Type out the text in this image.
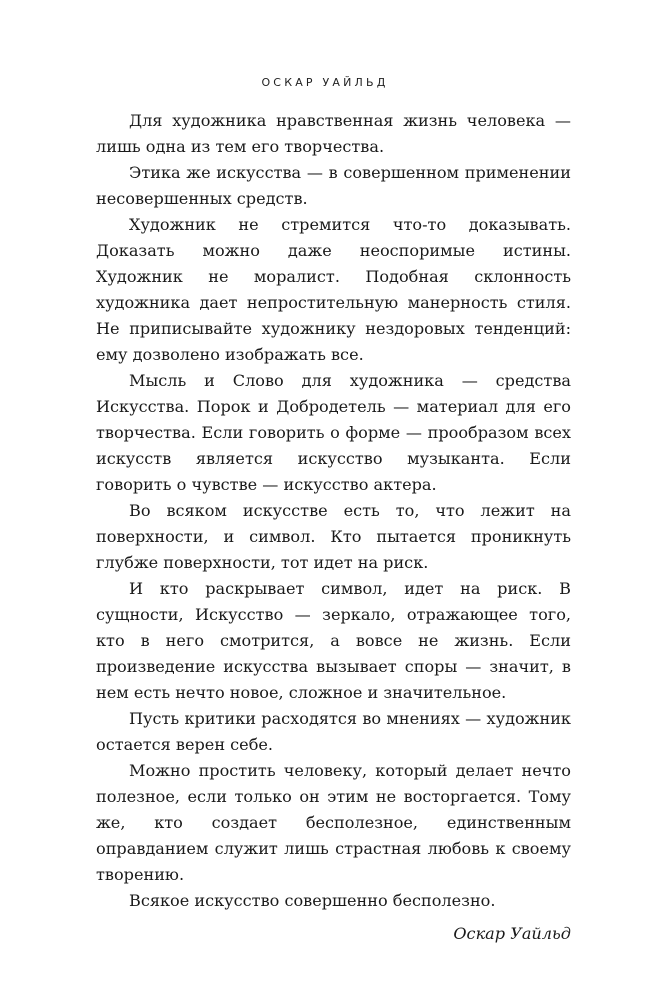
ОСКАР УАЙЛЬД

Для художника нравственная жизнь человека — лишь одна из тем его творчества.

Этика же искусства — в совершенном применении несовершенных средств.

Художник не стремится что-то доказывать. Доказать можно даже неоспоримые истины. Художник не моралист. Подобная склонность художника дает непростительную манерность стиля. Не приписывайте художнику нездоровых тенденций: ему дозволено изображать все.

Мысль и Слово для художника — средства Искусства. Порок и Добродетель — материал для его творчества. Если говорить о форме — прообразом всех искусств является искусство музыканта. Если говорить о чувстве — искусство актера.

Во всяком искусстве есть то, что лежит на поверхности, и символ. Кто пытается проникнуть глубже поверхности, тот идет на риск.

И кто раскрывает символ, идет на риск. В сущности, Искусство — зеркало, отражающее того, кто в него смотрится, а вовсе не жизнь. Если произведение искусства вызывает споры — значит, в нем есть нечто новое, сложное и значительное.

Пусть критики расходятся во мнениях — художник остается верен себе.

Можно простить человеку, который делает нечто полезное, если только он этим не восторгается. Тому же, кто создает бесполезное, единственным оправданием служит лишь страстная любовь к своему творению.

Всякое искусство совершенно бесполезно.

Оскар Уайльд
